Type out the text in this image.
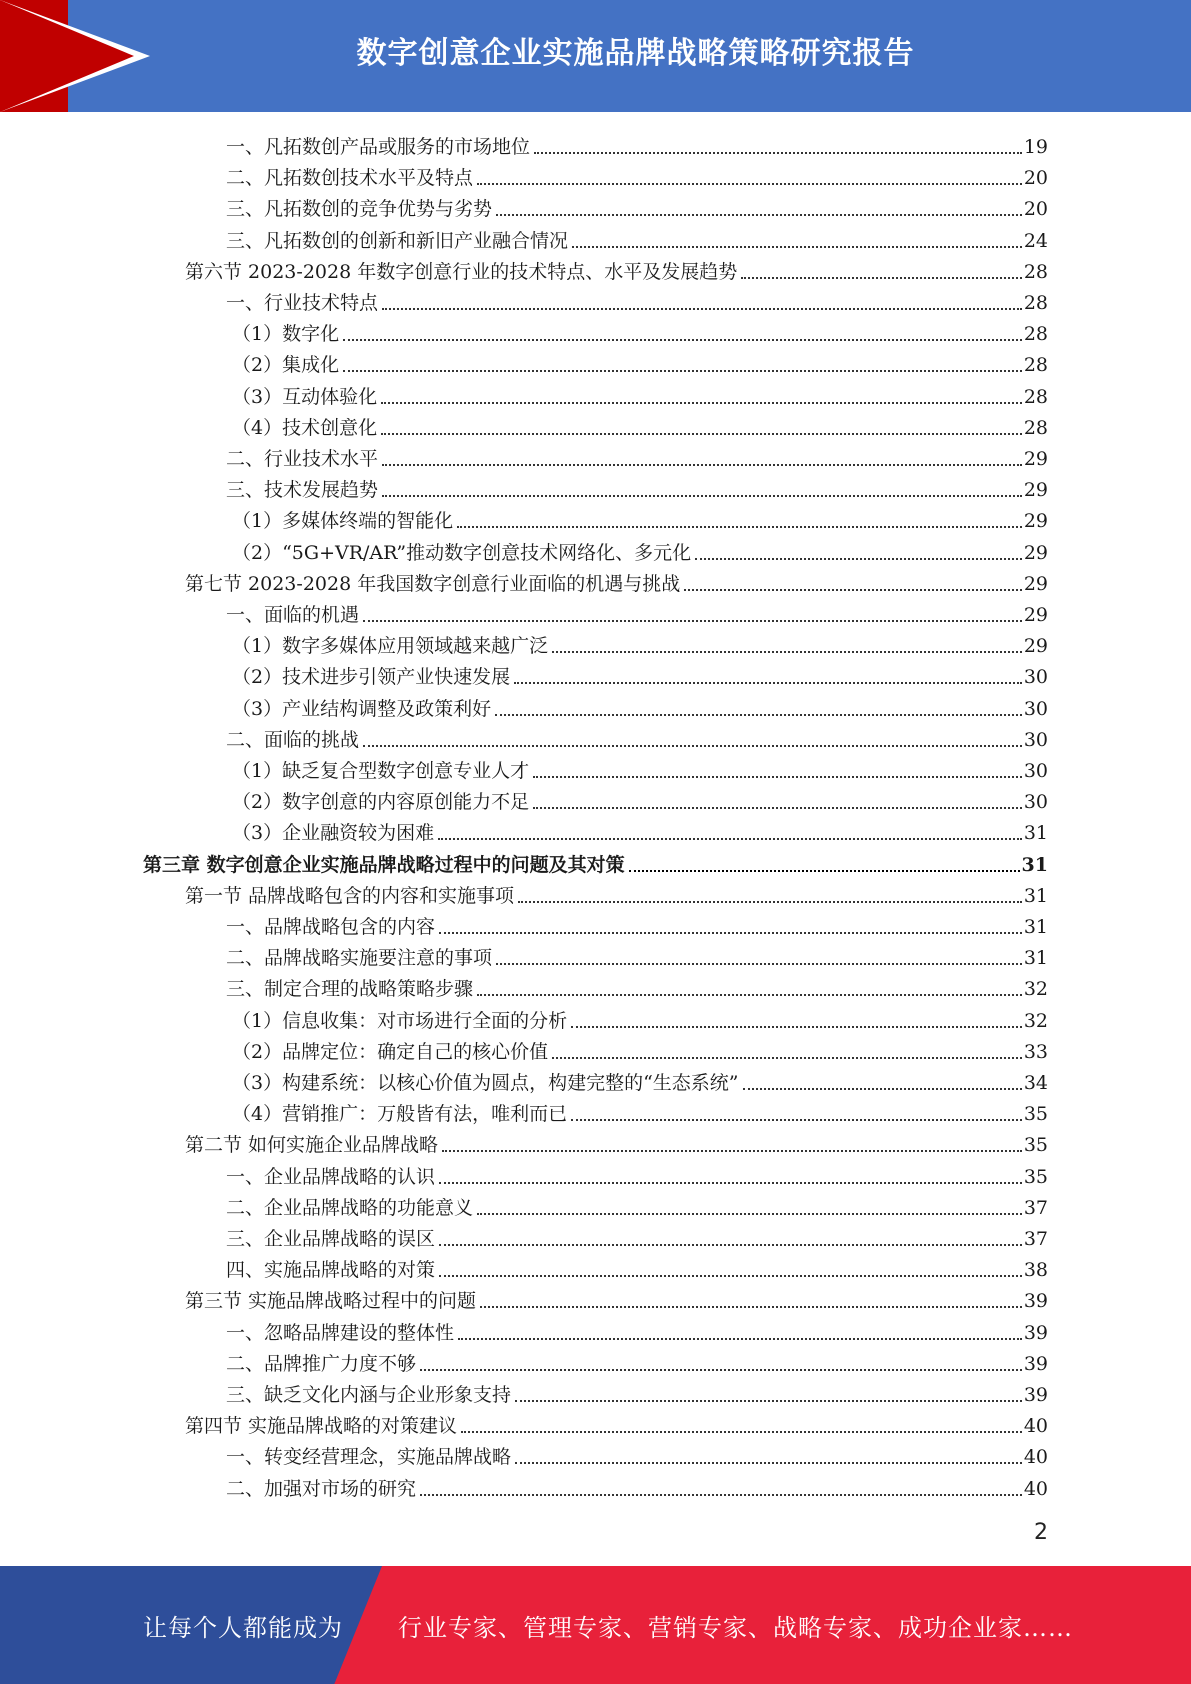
数字创意企业实施品牌战略策略研究报告
一、凡拓数创产品或服务的市场地位	19
二、凡拓数创技术水平及特点	20
三、凡拓数创的竞争优势与劣势	20
三、凡拓数创的创新和新旧产业融合情况	24
第六节 2023-2028 年数字创意行业的技术特点、水平及发展趋势	28
一、行业技术特点	28
（1）数字化	28
（2）集成化	28
（3）互动体验化	28
（4）技术创意化	28
二、行业技术水平	29
三、技术发展趋势	29
（1）多媒体终端的智能化	29
（2）“5G+VR/AR”推动数字创意技术网络化、多元化	29
第七节 2023-2028 年我国数字创意行业面临的机遇与挑战	29
一、面临的机遇	29
（1）数字多媒体应用领域越来越广泛	29
（2）技术进步引领产业快速发展	30
（3）产业结构调整及政策利好	30
二、面临的挑战	30
（1）缺乏复合型数字创意专业人才	30
（2）数字创意的内容原创能力不足	30
（3）企业融资较为困难	31
第三章 数字创意企业实施品牌战略过程中的问题及其对策	31
第一节 品牌战略包含的内容和实施事项	31
一、品牌战略包含的内容	31
二、品牌战略实施要注意的事项	31
三、制定合理的战略策略步骤	32
（1）信息收集：对市场进行全面的分析	32
（2）品牌定位：确定自己的核心价值	33
（3）构建系统：以核心价值为圆点，构建完整的“生态系统”	34
（4）营销推广：万般皆有法，唯利而已	35
第二节 如何实施企业品牌战略	35
一、企业品牌战略的认识	35
二、企业品牌战略的功能意义	37
三、企业品牌战略的误区	37
四、实施品牌战略的对策	38
第三节 实施品牌战略过程中的问题	39
一、忽略品牌建设的整体性	39
二、品牌推广力度不够	39
三、缺乏文化内涵与企业形象支持	39
第四节 实施品牌战略的对策建议	40
一、转变经营理念，实施品牌战略	40
二、加强对市场的研究	40
2
让每个人都能成为 行业专家、管理专家、营销专家、战略专家、成功企业家……
